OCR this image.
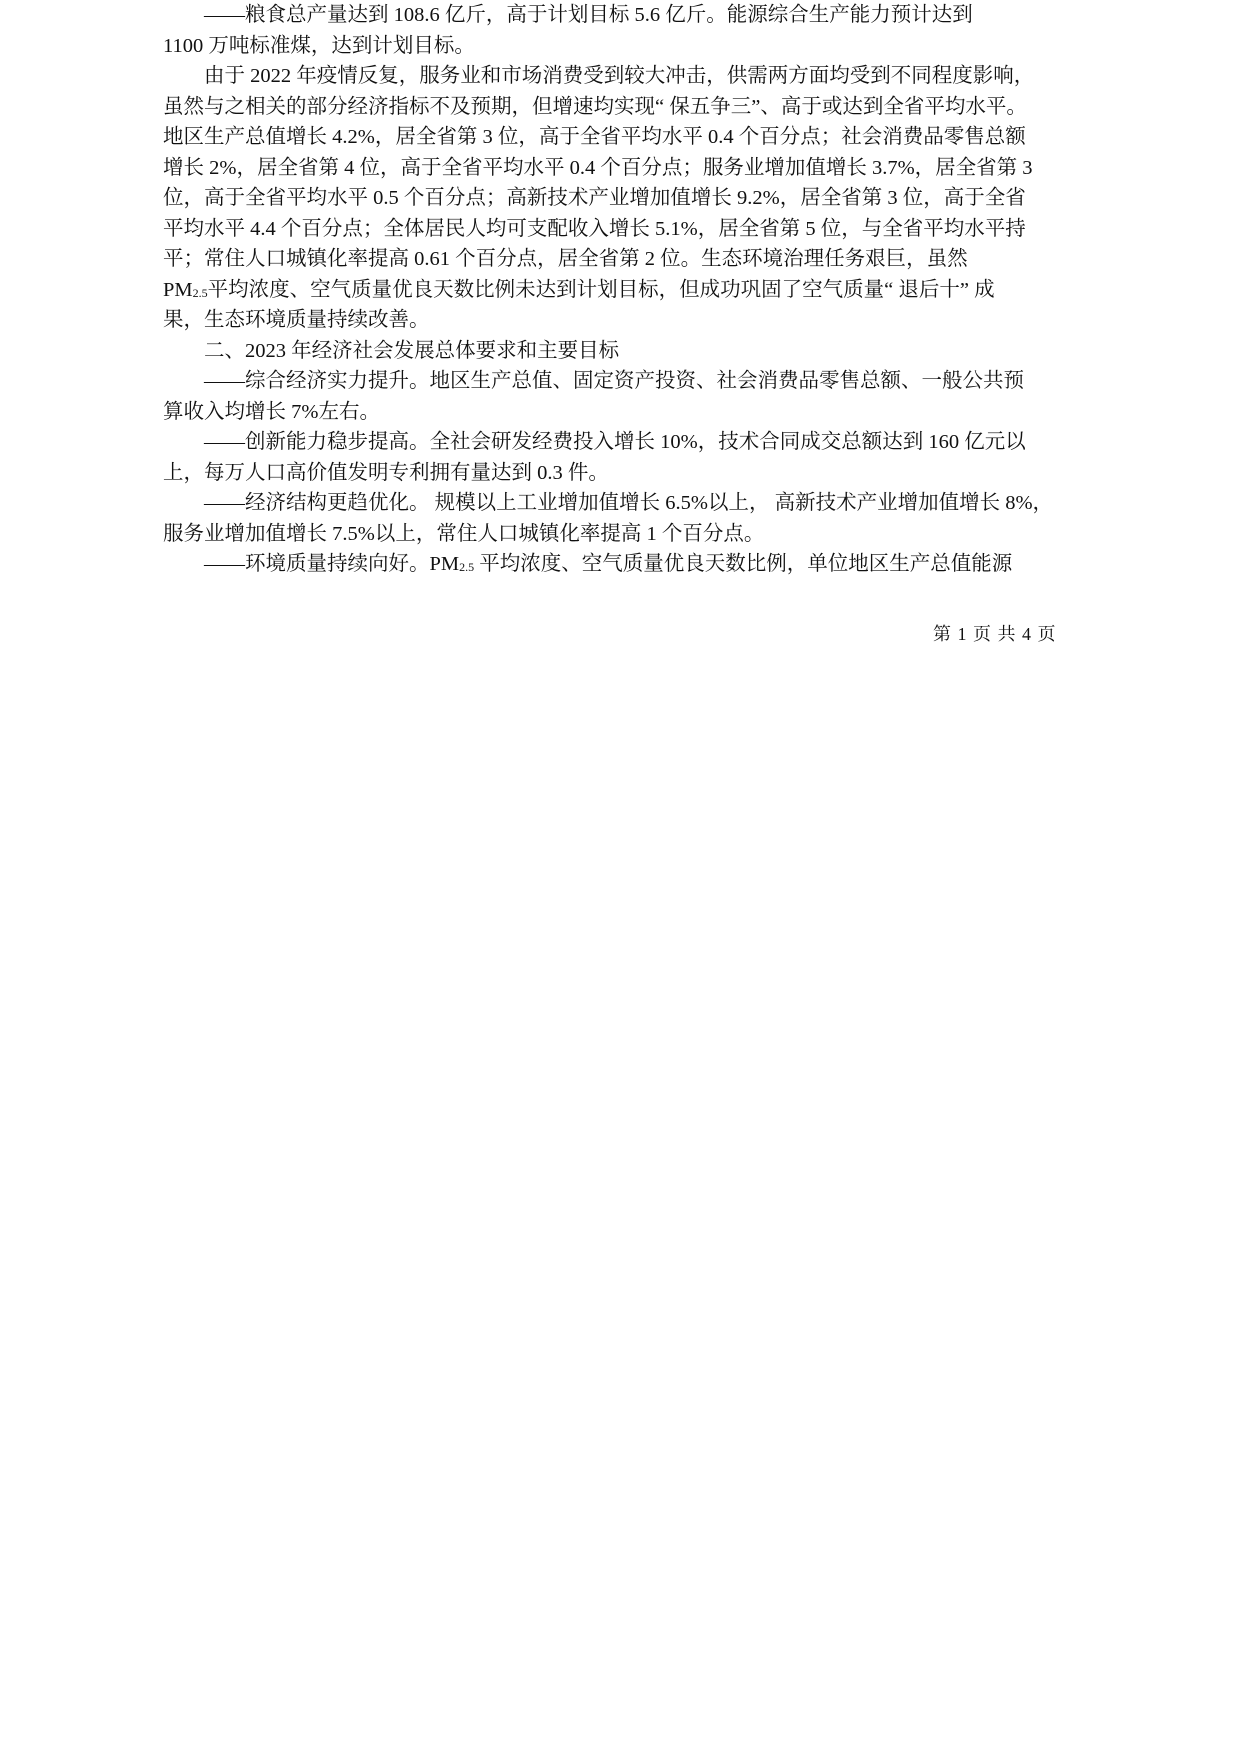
——粮食总产量达到 108.6 亿斤，高于计划目标 5.6 亿斤。能源综合生产能力预计达到
1100 万吨标准煤，达到计划目标。
由于 2022 年疫情反复，服务业和市场消费受到较大冲击，供需两方面均受到不同程度影响，
虽然与之相关的部分经济指标不及预期，但增速均实现“ 保五争三”、高于或达到全省平均水平。
地区生产总值增长 4.2%，居全省第 3 位，高于全省平均水平 0.4 个百分点；社会消费品零售总额
增长 2%，居全省第 4 位，高于全省平均水平 0.4 个百分点；服务业增加值增长 3.7%，居全省第 3
位，高于全省平均水平 0.5 个百分点；高新技术产业增加值增长 9.2%，居全省第 3 位，高于全省
平均水平 4.4 个百分点；全体居民人均可支配收入增长 5.1%，居全省第 5 位，与全省平均水平持
平；常住人口城镇化率提高 0.61 个百分点，居全省第 2 位。生态环境治理任务艰巨，虽然
$PM_{2.5}$平均浓度、空气质量优良天数比例未达到计划目标，但成功巩固了空气质量“ 退后十” 成
果，生态环境质量持续改善。
二、2023 年经济社会发展总体要求和主要目标
——综合经济实力提升。地区生产总值、固定资产投资、社会消费品零售总额、一般公共预
算收入均增长 7%左右。
——创新能力稳步提高。全社会研发经费投入增长 10%，技术合同成交总额达到 160 亿元以
上，每万人口高价值发明专利拥有量达到 0.3 件。
——经济结构更趋优化。 规模以上工业增加值增长 6.5%以上， 高新技术产业增加值增长 8%，
服务业增加值增长 7.5%以上，常住人口城镇化率提高 1 个百分点。
——环境质量持续向好。$PM_{2.5}$ 平均浓度、空气质量优良天数比例，单位地区生产总值能源
第 1 页 共 4 页
